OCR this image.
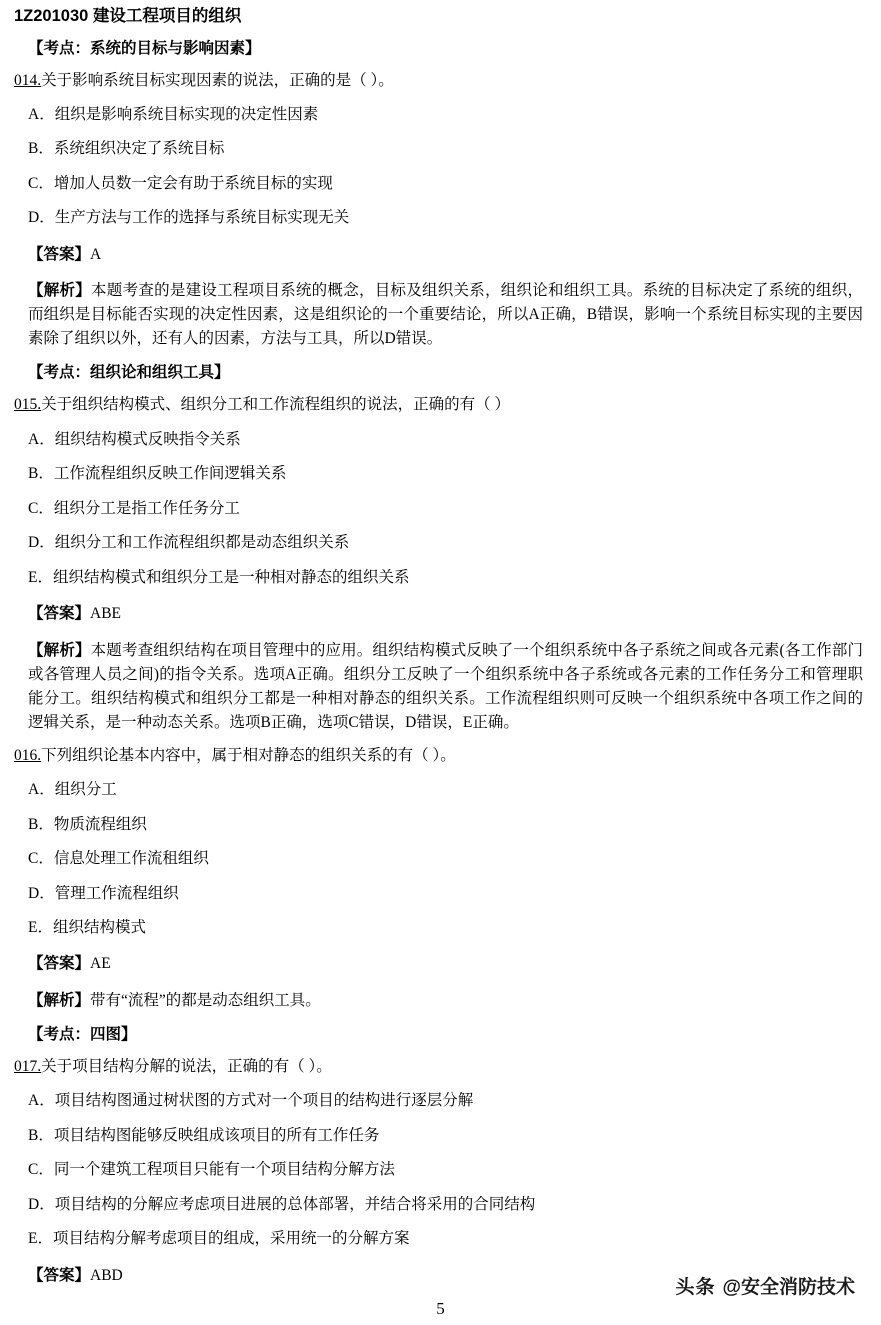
1Z201030 建设工程项目的组织
【考点：系统的目标与影响因素】
014.关于影响系统目标实现因素的说法，正确的是（ ）。
A．组织是影响系统目标实现的决定性因素
B．系统组织决定了系统目标
C．增加人员数一定会有助于系统目标的实现
D．生产方法与工作的选择与系统目标实现无关
【答案】A
【解析】本题考查的是建设工程项目系统的概念，目标及组织关系，组织论和组织工具。系统的目标决定了系统的组织，而组织是目标能否实现的决定性因素，这是组织论的一个重要结论，所以A正确，B错误，影响一个系统目标实现的主要因素除了组织以外，还有人的因素，方法与工具，所以D错误。
【考点：组织论和组织工具】
015.关于组织结构模式、组织分工和工作流程组织的说法，正确的有（ ）
A．组织结构模式反映指令关系
B．工作流程组织反映工作间逻辑关系
C．组织分工是指工作任务分工
D．组织分工和工作流程组织都是动态组织关系
E．组织结构模式和组织分工是一种相对静态的组织关系
【答案】ABE
【解析】本题考查组织结构在项目管理中的应用。组织结构模式反映了一个组织系统中各子系统之间或各元素(各工作部门或各管理人员之间)的指令关系。选项A正确。组织分工反映了一个组织系统中各子系统或各元素的工作任务分工和管理职能分工。组织结构模式和组织分工都是一种相对静态的组织关系。工作流程组织则可反映一个组织系统中各项工作之间的逻辑关系，是一种动态关系。选项B正确，选项C错误，D错误，E正确。
016.下列组织论基本内容中，属于相对静态的组织关系的有（ ）。
A．组织分工
B．物质流程组织
C．信息处理工作流租组织
D．管理工作流程组织
E．组织结构模式
【答案】AE
【解析】带有“流程”的都是动态组织工具。
【考点：四图】
017.关于项目结构分解的说法，正确的有（ ）。
A．项目结构图通过树状图的方式对一个项目的结构进行逐层分解
B．项目结构图能够反映组成该项目的所有工作任务
C．同一个建筑工程项目只能有一个项目结构分解方法
D．项目结构的分解应考虑项目进展的总体部署，并结合将采用的合同结构
E．项目结构分解考虑项目的组成，采用统一的分解方案
【答案】ABD
头条 @安全消防技术
5
